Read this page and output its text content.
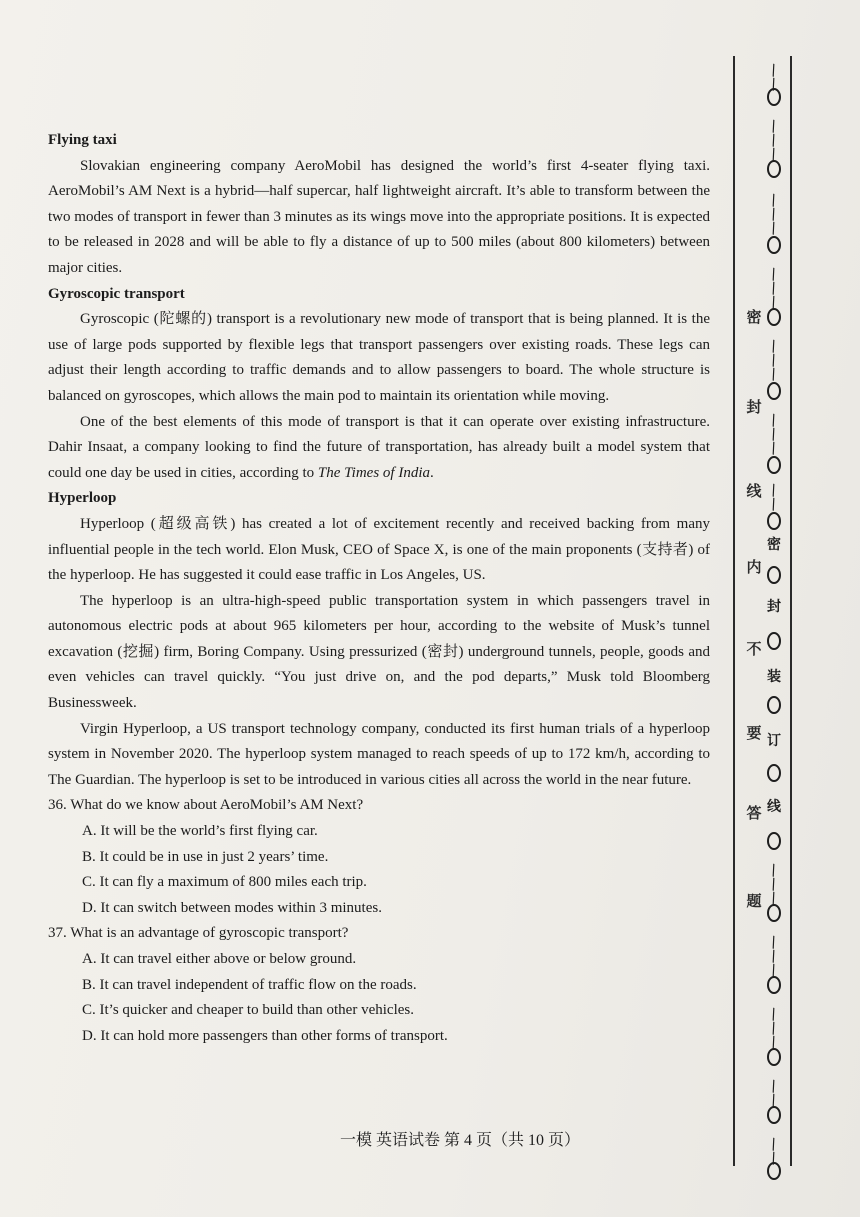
Flying taxi

Slovakian engineering company AeroMobil has designed the world’s first 4-seater flying taxi. AeroMobil’s AM Next is a hybrid—half supercar, half lightweight aircraft. It’s able to transform between the two modes of transport in fewer than 3 minutes as its wings move into the appropriate positions. It is expected to be released in 2028 and will be able to fly a distance of up to 500 miles (about 800 kilometers) between major cities.

Gyroscopic transport

Gyroscopic (陀螺的) transport is a revolutionary new mode of transport that is being planned. It is the use of large pods supported by flexible legs that transport passengers over existing roads. These legs can adjust their length according to traffic demands and to allow passengers to board. The whole structure is balanced on gyroscopes, which allows the main pod to maintain its orientation while moving.

One of the best elements of this mode of transport is that it can operate over existing infrastructure. Dahir Insaat, a company looking to find the future of transportation, has already built a model system that could one day be used in cities, according to The Times of India.

Hyperloop

Hyperloop (超级高铁) has created a lot of excitement recently and received backing from many influential people in the tech world. Elon Musk, CEO of Space X, is one of the main proponents (支持者) of the hyperloop. He has suggested it could ease traffic in Los Angeles, US.

The hyperloop is an ultra-high-speed public transportation system in which passengers travel in autonomous electric pods at about 965 kilometers per hour, according to the website of Musk’s tunnel excavation (挖掘) firm, Boring Company. Using pressurized (密封) underground tunnels, people, goods and even vehicles can travel quickly. “You just drive on, and the pod departs,” Musk told Bloomberg Businessweek.

Virgin Hyperloop, a US transport technology company, conducted its first human trials of a hyperloop system in November 2020. The hyperloop system managed to reach speeds of up to 172 km/h, according to The Guardian. The hyperloop is set to be introduced in various cities all across the world in the near future.

36. What do we know about AeroMobil’s AM Next?

A. It will be the world’s first flying car.

B. It could be in use in just 2 years’ time.

C. It can fly a maximum of 800 miles each trip.

D. It can switch between modes within 3 minutes.

37. What is an advantage of gyroscopic transport?

A. It can travel either above or below ground.

B. It can travel independent of traffic flow on the roads.

C. It’s quicker and cheaper to build than other vehicles.

D. It can hold more passengers than other forms of transport.

一模 英语试卷 第 4 页（共 10 页）
密
封
线
内
不
要
答
题
\
\
\
\
\
\
\
\
\
\
\
\
\
\
\
\
\
\
\
密
封
装
订
线
\
\
\
\
\
\
\
\
\
\
\
\
\
